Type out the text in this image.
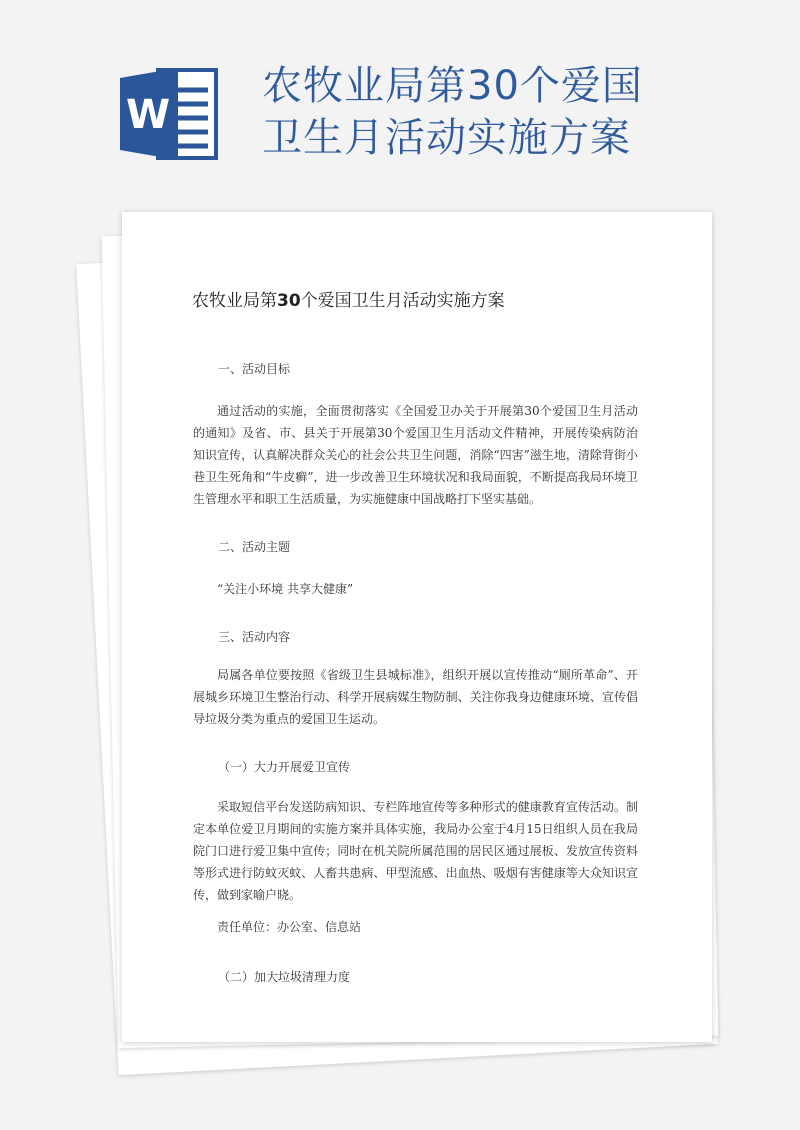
W
农牧业局第30个爱国
卫生月活动实施方案
农牧业局第30个爱国卫生月活动实施方案

一、活动目标

通过活动的实施，全面贯彻落实《全国爱卫办关于开展第30个爱国卫生月活动的通知》及省、市、县关于开展第30个爱国卫生月活动文件精神，开展传染病防治知识宣传，认真解决群众关心的社会公共卫生问题，消除“四害”滋生地，清除背街小巷卫生死角和“牛皮癣”，进一步改善卫生环境状况和我局面貌，不断提高我局环境卫生管理水平和职工生活质量，为实施健康中国战略打下坚实基础。

二、活动主题

“关注小环境 共享大健康”

三、活动内容

局属各单位要按照《省级卫生县城标准》，组织开展以宣传推动“厕所革命”、开展城乡环境卫生整治行动、科学开展病媒生物防制、关注你我身边健康环境、宣传倡导垃圾分类为重点的爱国卫生运动。

（一）大力开展爱卫宣传

采取短信平台发送防病知识、专栏阵地宣传等多种形式的健康教育宣传活动。制定本单位爱卫月期间的实施方案并具体实施，我局办公室于4月15日组织人员在我局院门口进行爱卫集中宣传；同时在机关院所属范围的居民区通过展板、发放宣传资料等形式进行防蚊灭蚊、人畜共患病、甲型流感、出血热、吸烟有害健康等大众知识宣传，做到家喻户晓。

责任单位：办公室、信息站

（二）加大垃圾清理力度
